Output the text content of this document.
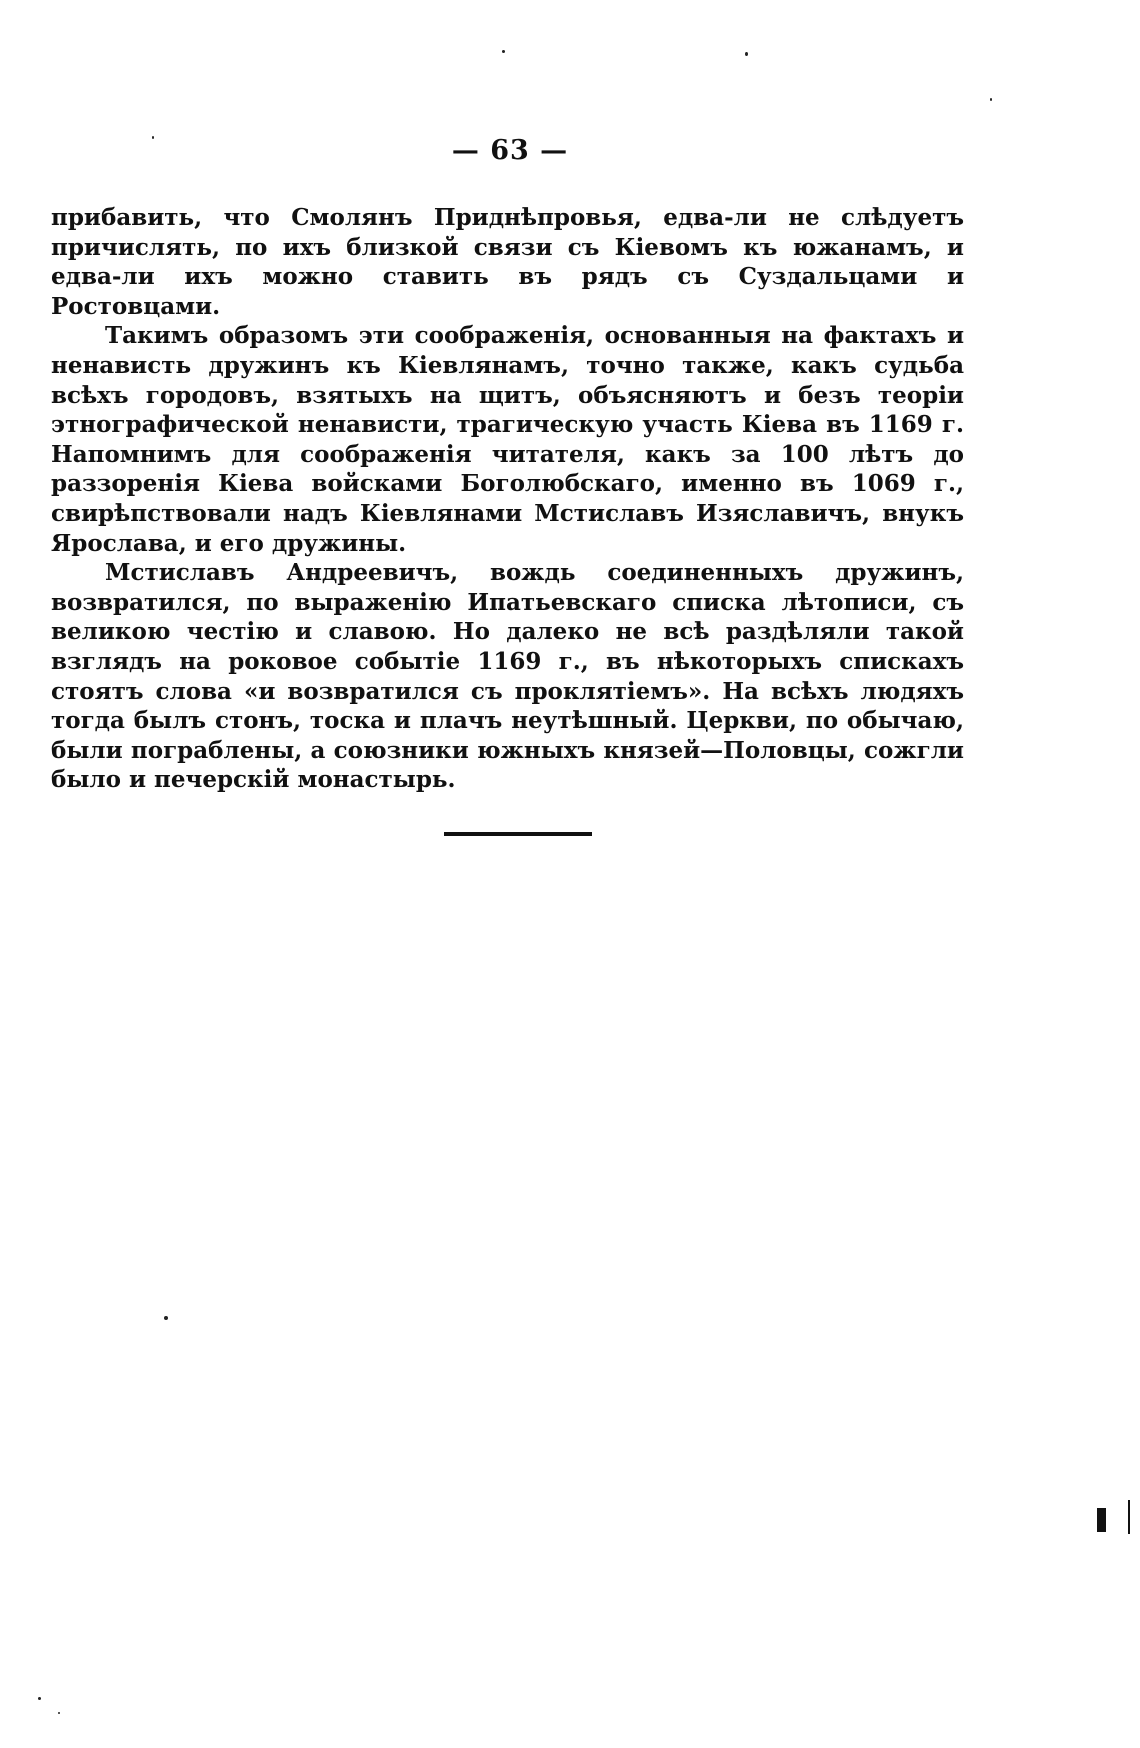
— 63 —

прибавить, что Смолянъ Приднѣпровья, едва-ли не слѣдуетъ причислять, по ихъ близкой связи съ Кіевомъ къ южанамъ, и едва-ли ихъ можно ставить въ рядъ съ Суздальцами и Ростовцами.

Такимъ образомъ эти соображенія, основанныя на фактахъ и ненависть дружинъ къ Кіевлянамъ, точно также, какъ судьба всѣхъ городовъ, взятыхъ на щитъ, объясняютъ и безъ теоріи этнографической ненависти, трагическую участь Кіева въ 1169 г. Напомнимъ для соображенія читателя, какъ за 100 лѣтъ до раззоренія Кіева войсками Боголюбскаго, именно въ 1069 г., свирѣпствовали надъ Кіевлянами Мстиславъ Изяславичъ, внукъ Ярослава, и его дружины.

Мстиславъ Андреевичъ, вождь соединенныхъ дружинъ, возвратился, по выраженію Ипатьевскаго списка лѣтописи, съ великою честію и славою. Но далеко не всѣ раздѣляли такой взглядъ на роковое событіе 1169 г., въ нѣкоторыхъ спискахъ стоятъ слова «и возвратился съ проклятіемъ». На всѣхъ людяхъ тогда былъ стонъ, тоска и плачъ неутѣшный. Церкви, по обычаю, были пограблены, а союзники южныхъ князей—Половцы, сожгли было и печерскій монастырь.
